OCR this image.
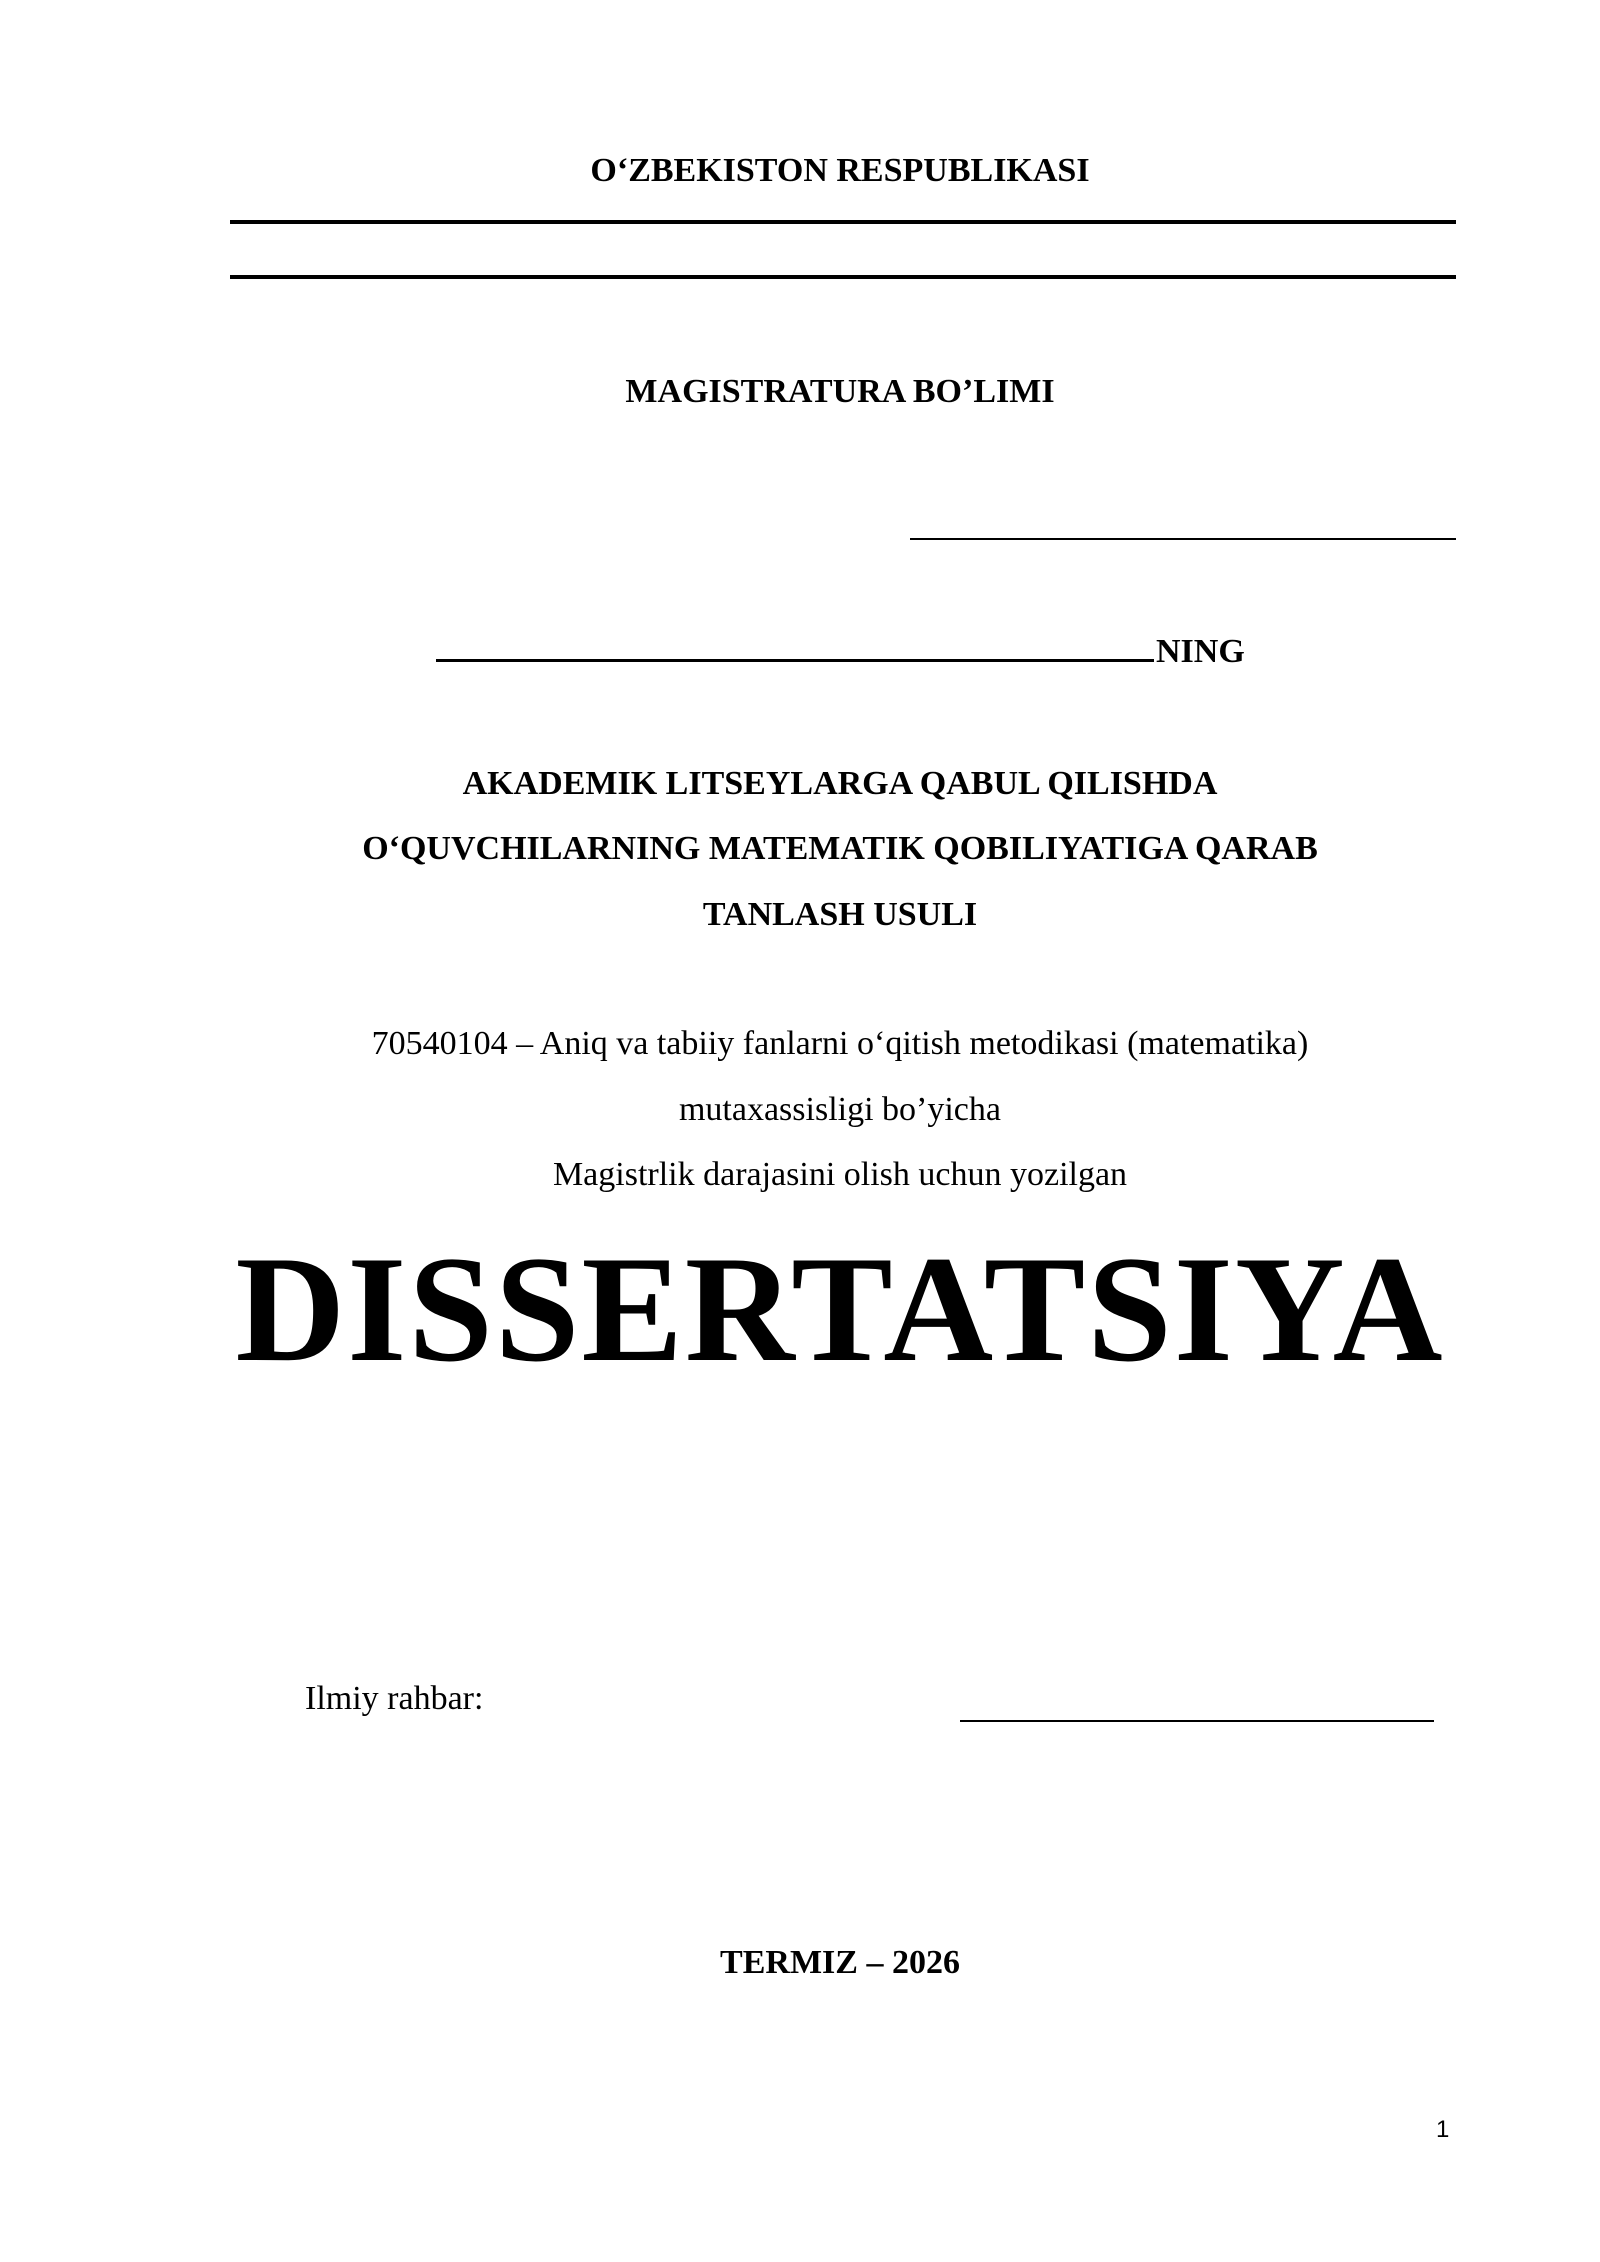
O‘ZBEKISTON RESPUBLIKASI
MAGISTRATURA BO’LIMI
NING
AKADEMIK LITSEYLARGA QABUL QILISHDA
O‘QUVCHILARNING MATEMATIK QOBILIYATIGA QARAB
TANLASH USULI
70540104 – Aniq va tabiiy fanlarni o‘qitish metodikasi (matematika)
mutaxassisligi bo’yicha
Magistrlik darajasini olish uchun yozilgan
DISSERTATSIYA
Ilmiy rahbar:
TERMIZ – 2026
1
